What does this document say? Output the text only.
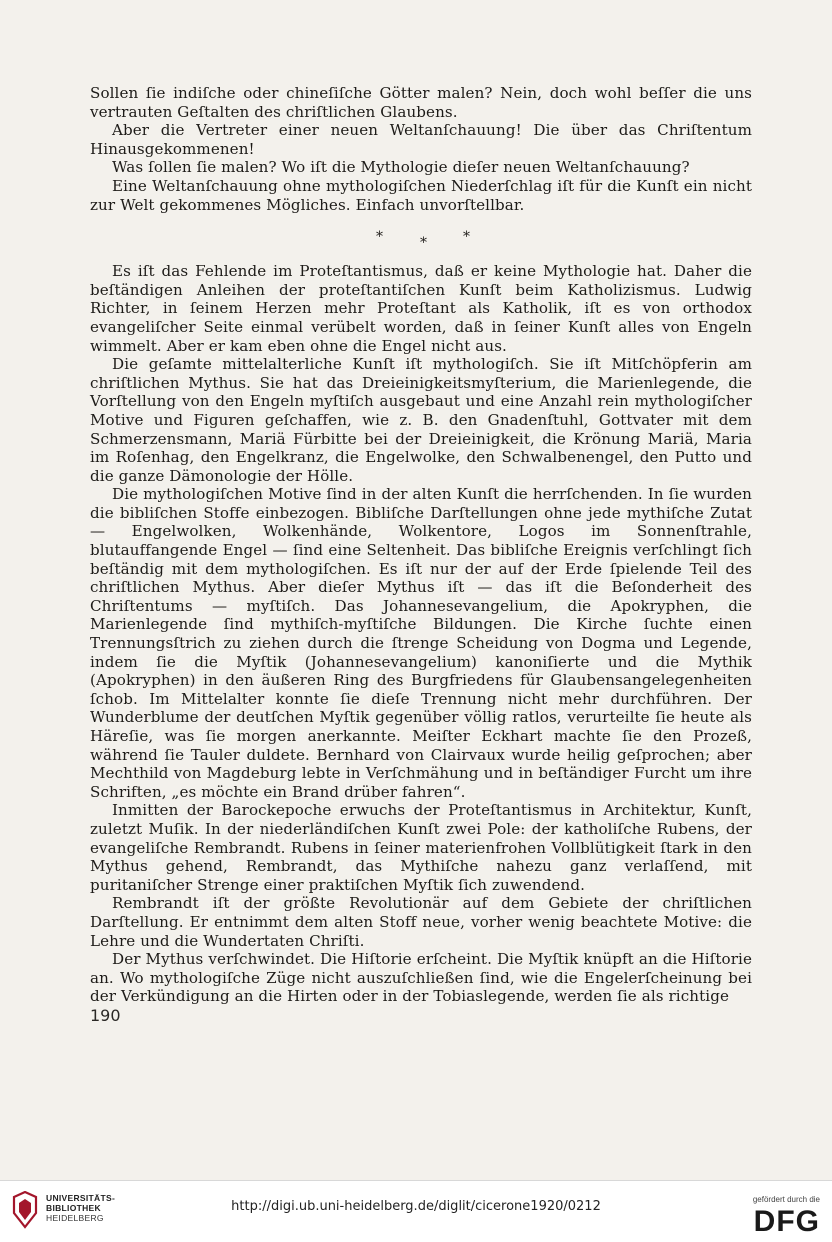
Sollen ſie indiſche oder chineſiſche Götter malen? Nein, doch wohl beſſer die uns vertrauten Geſtalten des chriſtlichen Glaubens.

Aber die Vertreter einer neuen Weltanſchauung! Die über das Chriſtentum Hinausgekommenen!

Was ſollen ſie malen? Wo iſt die Mythologie dieſer neuen Weltanſchauung?

Eine Weltanſchauung ohne mythologiſchen Niederſchlag iſt für die Kunſt ein nicht zur Welt gekommenes Mögliches. Einfach unvorſtellbar.

*	*	*

Es iſt das Fehlende im Proteſtantismus, daß er keine Mythologie hat. Daher die beſtändigen Anleihen der proteſtantiſchen Kunſt beim Katholizismus. Ludwig Richter, in ſeinem Herzen mehr Proteſtant als Katholik, iſt es von orthodox evangeliſcher Seite einmal verübelt worden, daß in ſeiner Kunſt alles von Engeln wimmelt. Aber er kam eben ohne die Engel nicht aus.

Die geſamte mittelalterliche Kunſt iſt mythologiſch. Sie iſt Mitſchöpferin am chriſtlichen Mythus. Sie hat das Dreieinigkeitsmyſterium, die Marienlegende, die Vorſtellung von den Engeln myſtiſch ausgebaut und eine Anzahl rein mythologiſcher Motive und Figuren geſchaffen, wie z. B. den Gnadenſtuhl, Gottvater mit dem Schmerzensmann, Mariä Fürbitte bei der Dreieinigkeit, die Krönung Mariä, Maria im Roſenhag, den Engelkranz, die Engelwolke, den Schwalbenengel, den Putto und die ganze Dämonologie der Hölle.

Die mythologiſchen Motive ſind in der alten Kunſt die herrſchenden. In ſie wurden die bibliſchen Stoffe einbezogen. Bibliſche Darſtellungen ohne jede mythiſche Zutat — Engelwolken, Wolkenhände, Wolkentore, Logos im Sonnenſtrahle, blutauffangende Engel — ſind eine Seltenheit. Das bibliſche Ereignis verſchlingt ſich beſtändig mit dem mythologiſchen. Es iſt nur der auf der Erde ſpielende Teil des chriſtlichen Mythus. Aber dieſer Mythus iſt — das iſt die Beſonderheit des Chriſtentums — myſtiſch. Das Johannesevangelium, die Apokryphen, die Marienlegende ſind mythiſch-myſtiſche Bildungen. Die Kirche ſuchte einen Trennungsſtrich zu ziehen durch die ſtrenge Scheidung von Dogma und Legende, indem ſie die Myſtik (Johannesevangelium) kanoniſierte und die Mythik (Apokryphen) in den äußeren Ring des Burgfriedens für Glaubensangelegenheiten ſchob. Im Mittelalter konnte ſie dieſe Trennung nicht mehr durchführen. Der Wunderblume der deutſchen Myſtik gegenüber völlig ratlos, verurteilte ſie heute als Häreſie, was ſie morgen anerkannte. Meiſter Eckhart machte ſie den Prozeß, während ſie Tauler duldete. Bernhard von Clairvaux wurde heilig geſprochen; aber Mechthild von Magdeburg lebte in Verſchmähung und in beſtändiger Furcht um ihre Schriften, „es möchte ein Brand drüber fahren“.

Inmitten der Barockepoche erwuchs der Proteſtantismus in Architektur, Kunſt, zuletzt Muſik. In der niederländiſchen Kunſt zwei Pole: der katholiſche Rubens, der evangeliſche Rembrandt. Rubens in ſeiner materienfrohen Vollblütigkeit ſtark in den Mythus gehend, Rembrandt, das Mythiſche nahezu ganz verlaſſend, mit puritaniſcher Strenge einer praktiſchen Myſtik ſich zuwendend.

Rembrandt iſt der größte Revolutionär auf dem Gebiete der chriſtlichen Darſtellung. Er entnimmt dem alten Stoff neue, vorher wenig beachtete Motive: die Lehre und die Wundertaten Chriſti.

Der Mythus verſchwindet. Die Hiſtorie erſcheint. Die Myſtik knüpft an die Hiſtorie an. Wo mythologiſche Züge nicht auszuſchließen ſind, wie die Engelerſcheinung bei der Verkündigung an die Hirten oder in der Tobiaslegende, werden ſie als richtige

190
UNIVERSITÄTS-
BIBLIOTHEK
HEIDELBERG
http://digi.ub.uni-heidelberg.de/diglit/cicerone1920/0212	gefördert durch die
DFG
